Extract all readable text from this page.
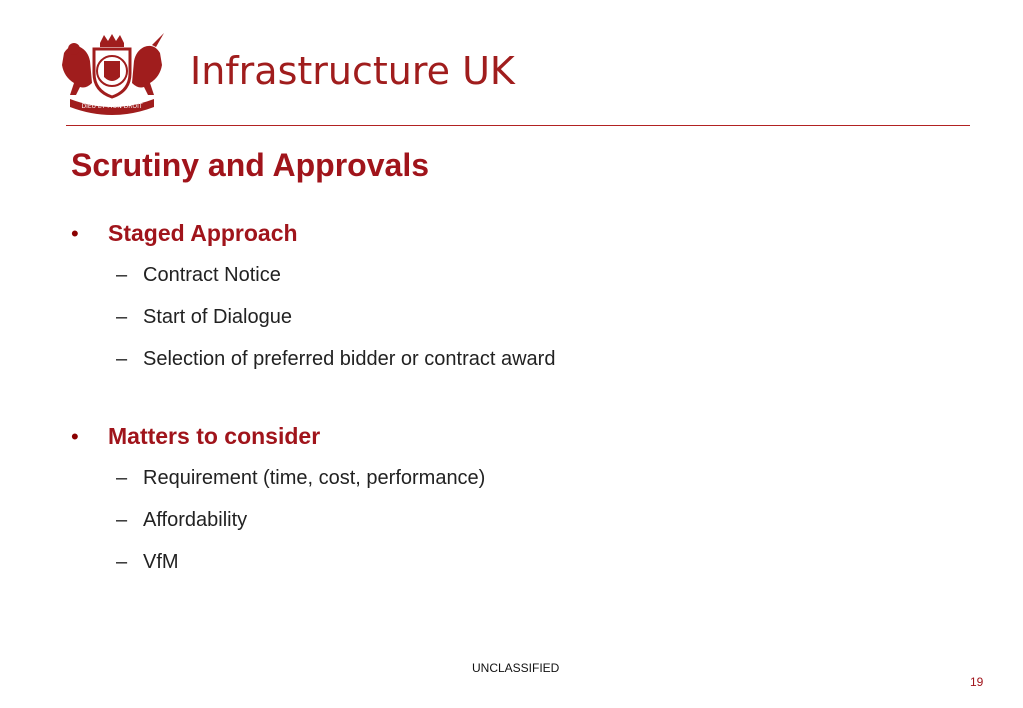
DIEU ET MON DROIT
Infrastructure UK
Scrutiny and Approvals
•	Staged Approach
– Contract Notice
– Start of Dialogue
– Selection of preferred bidder or contract award
•	Matters to consider
– Requirement (time, cost, performance)
– Affordability
– VfM
UNCLASSIFIED
19
